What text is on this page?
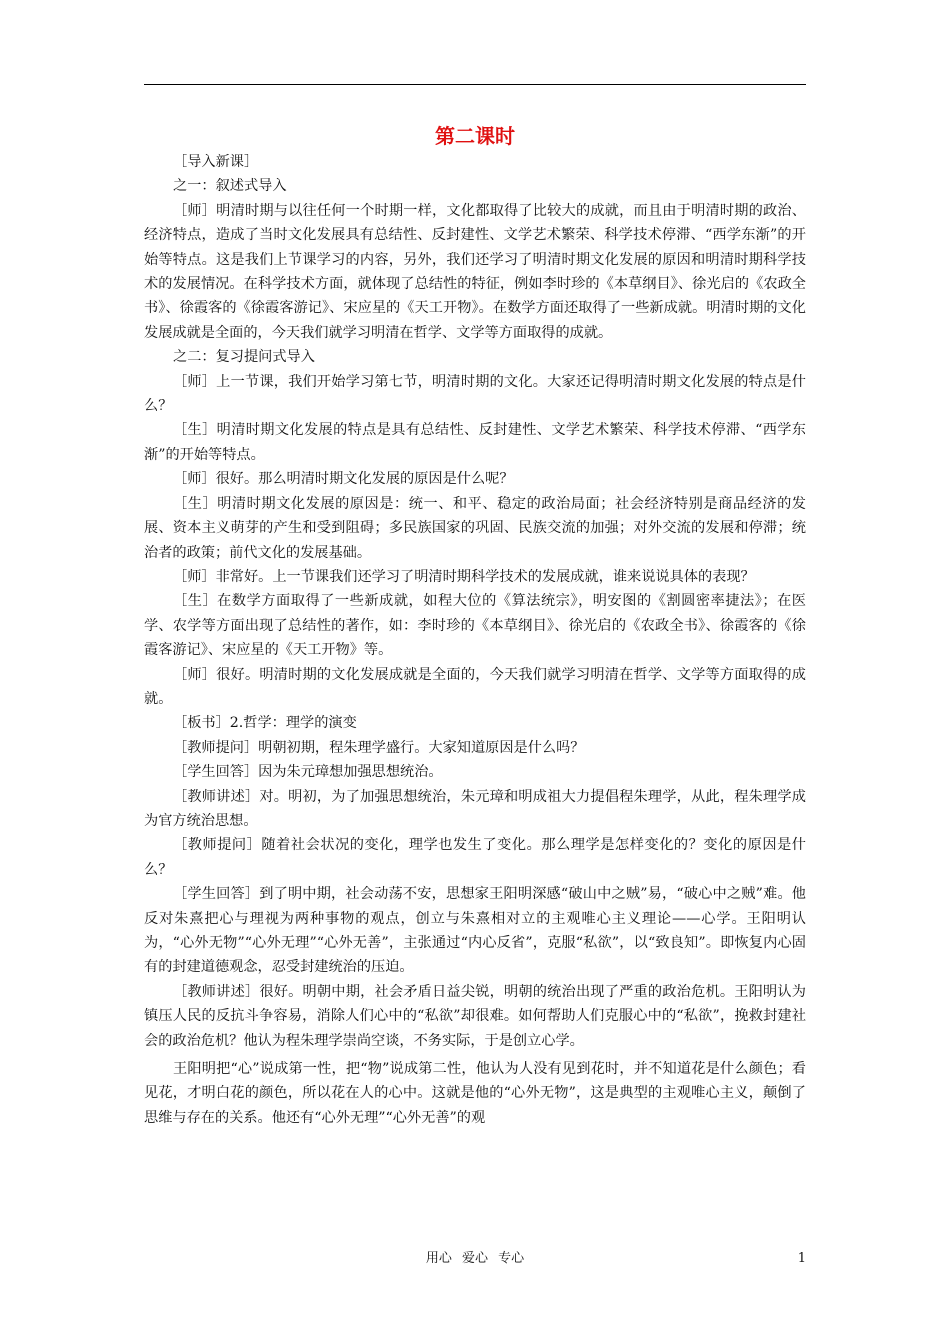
第二课时

［导入新课］

之一：叙述式导入

［师］明清时期与以往任何一个时期一样，文化都取得了比较大的成就，而且由于明清时期的政治、经济特点，造成了当时文化发展具有总结性、反封建性、文学艺术繁荣、科学技术停滞、“西学东渐”的开始等特点。这是我们上节课学习的内容，另外，我们还学习了明清时期文化发展的原因和明清时期科学技术的发展情况。在科学技术方面，就体现了总结性的特征，例如李时珍的《本草纲目》、徐光启的《农政全书》、徐霞客的《徐霞客游记》、宋应星的《天工开物》。在数学方面还取得了一些新成就。明清时期的文化发展成就是全面的，今天我们就学习明清在哲学、文学等方面取得的成就。

之二：复习提问式导入

［师］上一节课，我们开始学习第七节，明清时期的文化。大家还记得明清时期文化发展的特点是什么？

［生］明清时期文化发展的特点是具有总结性、反封建性、文学艺术繁荣、科学技术停滞、“西学东渐”的开始等特点。

［师］很好。那么明清时期文化发展的原因是什么呢？

［生］明清时期文化发展的原因是：统一、和平、稳定的政治局面；社会经济特别是商品经济的发展、资本主义萌芽的产生和受到阻碍；多民族国家的巩固、民族交流的加强；对外交流的发展和停滞；统治者的政策；前代文化的发展基础。

［师］非常好。上一节课我们还学习了明清时期科学技术的发展成就，谁来说说具体的表现？

［生］在数学方面取得了一些新成就，如程大位的《算法统宗》，明安图的《割圆密率捷法》；在医学、农学等方面出现了总结性的著作，如：李时珍的《本草纲目》、徐光启的《农政全书》、徐霞客的《徐霞客游记》、宋应星的《天工开物》等。

［师］很好。明清时期的文化发展成就是全面的，今天我们就学习明清在哲学、文学等方面取得的成就。

［板书］2.哲学：理学的演变

［教师提问］明朝初期，程朱理学盛行。大家知道原因是什么吗？

［学生回答］因为朱元璋想加强思想统治。

［教师讲述］对。明初，为了加强思想统治，朱元璋和明成祖大力提倡程朱理学，从此，程朱理学成为官方统治思想。

［教师提问］随着社会状况的变化，理学也发生了变化。那么理学是怎样变化的？变化的原因是什么？

［学生回答］到了明中期，社会动荡不安，思想家王阳明深感“破山中之贼”易，“破心中之贼”难。他反对朱熹把心与理视为两种事物的观点，创立与朱熹相对立的主观唯心主义理论——心学。王阳明认为，“心外无物”“心外无理”“心外无善”，主张通过“内心反省”，克服“私欲”，以“致良知”。即恢复内心固有的封建道德观念，忍受封建统治的压迫。

［教师讲述］很好。明朝中期，社会矛盾日益尖锐，明朝的统治出现了严重的政治危机。王阳明认为镇压人民的反抗斗争容易，消除人们心中的“私欲”却很难。如何帮助人们克服心中的“私欲”，挽救封建社会的政治危机？他认为程朱理学崇尚空谈，不务实际，于是创立心学。

王阳明把“心”说成第一性，把“物”说成第二性，他认为人没有见到花时，并不知道花是什么颜色；看见花，才明白花的颜色，所以花在人的心中。这就是他的“心外无物”，这是典型的主观唯心主义，颠倒了思维与存在的关系。他还有“心外无理”“心外无善”的观

用心 爱心 专心	1
